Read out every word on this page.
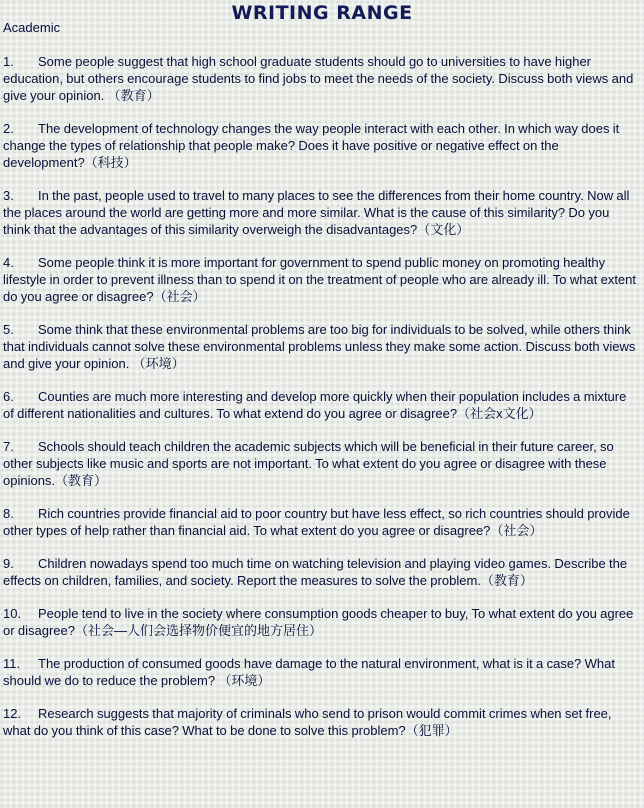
WRITING RANGE
Academic
1. Some people suggest that high school graduate students should go to universities to have higher education, but others encourage students to find jobs to meet the needs of the society. Discuss both views and give your opinion. （教育）
2. The development of technology changes the way people interact with each other. In which way does it change the types of relationship that people make? Does it have positive or negative effect on the development?（科技）
3. In the past, people used to travel to many places to see the differences from their home country. Now all the places around the world are getting more and more similar. What is the cause of this similarity? Do you think that the advantages of this similarity overweigh the disadvantages?（文化）
4. Some people think it is more important for government to spend public money on promoting healthy lifestyle in order to prevent illness than to spend it on the treatment of people who are already ill. To what extent do you agree or disagree?（社会）
5. Some think that these environmental problems are too big for individuals to be solved, while others think that individuals cannot solve these environmental problems unless they make some action. Discuss both views and give your opinion. （环境）
6. Counties are much more interesting and develop more quickly when their population includes a mixture of different nationalities and cultures. To what extend do you agree or disagree?（社会x文化）
7. Schools should teach children the academic subjects which will be beneficial in their future career, so other subjects like music and sports are not important. To what extent do you agree or disagree with these opinions.（教育）
8. Rich countries provide financial aid to poor country but have less effect, so rich countries should provide other types of help rather than financial aid. To what extent do you agree or disagree?（社会）
9. Children nowadays spend too much time on watching television and playing video games. Describe the effects on children, families, and society. Report the measures to solve the problem.（教育）
10. People tend to live in the society where consumption goods cheaper to buy, To what extent do you agree or disagree?（社会—人们会选择物价便宜的地方居住）
11. The production of consumed goods have damage to the natural environment, what is it a case? What should we do to reduce the problem? （环境）
12. Research suggests that majority of criminals who send to prison would commit crimes when set free, what do you think of this case? What to be done to solve this problem?（犯罪）
